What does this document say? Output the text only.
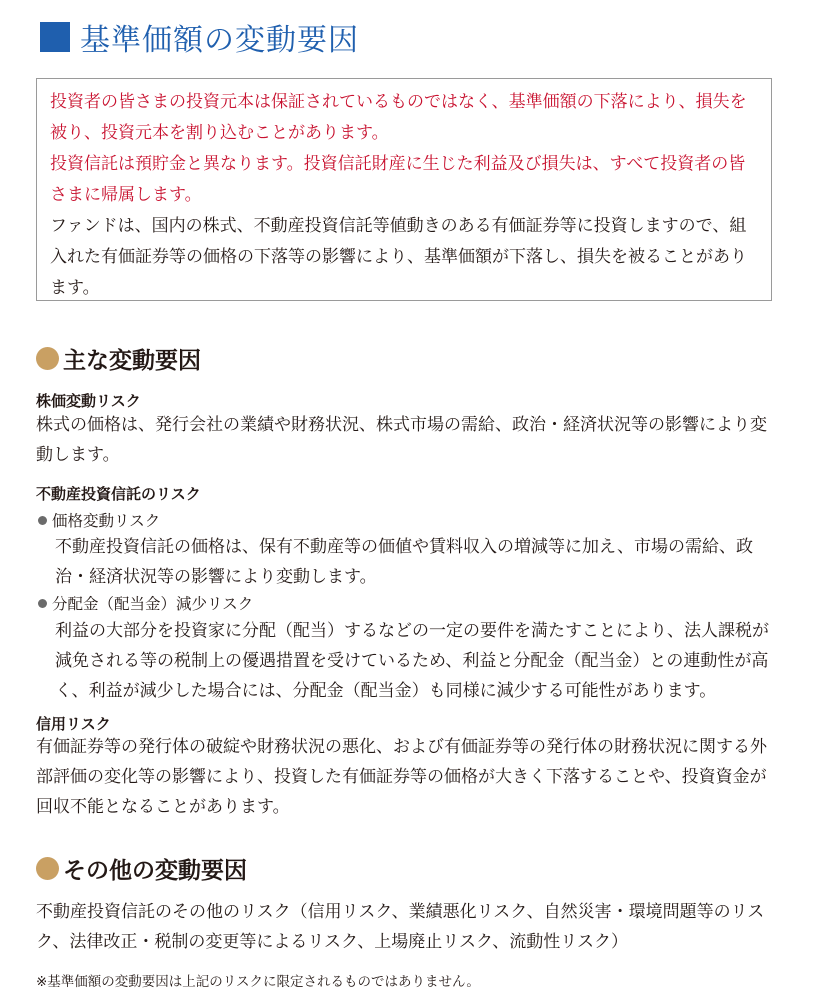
基準価額の変動要因

投資者の皆さまの投資元本は保証されているものではなく、基準価額の下落により、損失を被り、投資元本を割り込むことがあります。

投資信託は預貯金と異なります。投資信託財産に生じた利益及び損失は、すべて投資者の皆さまに帰属します。

ファンドは、国内の株式、不動産投資信託等値動きのある有価証券等に投資しますので、組入れた有価証券等の価格の下落等の影響により、基準価額が下落し、損失を被ることがあります。

主な変動要因
株価変動リスク

株式の価格は、発行会社の業績や財務状況、株式市場の需給、政治・経済状況等の影響により変動します。

不動産投資信託のリスク
価格変動リスク

不動産投資信託の価格は、保有不動産等の価値や賃料収入の増減等に加え、市場の需給、政治・経済状況等の影響により変動します。

分配金（配当金）減少リスク

利益の大部分を投資家に分配（配当）するなどの一定の要件を満たすことにより、法人課税が減免される等の税制上の優遇措置を受けているため、利益と分配金（配当金）との連動性が高く、利益が減少した場合には、分配金（配当金）も同様に減少する可能性があります。

信用リスク

有価証券等の発行体の破綻や財務状況の悪化、および有価証券等の発行体の財務状況に関する外部評価の変化等の影響により、投資した有価証券等の価格が大きく下落することや、投資資金が回収不能となることがあります。

その他の変動要因

不動産投資信託のその他のリスク（信用リスク、業績悪化リスク、自然災害・環境問題等のリスク、法律改正・税制の変更等によるリスク、上場廃止リスク、流動性リスク）

※基準価額の変動要因は上記のリスクに限定されるものではありません。
